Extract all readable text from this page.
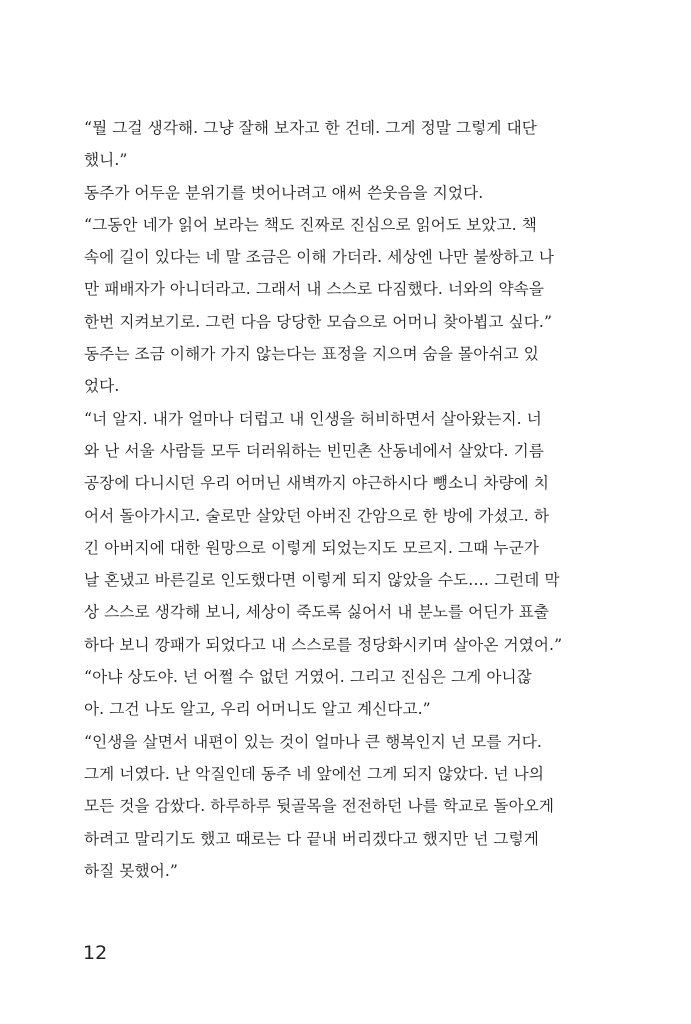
“뭘 그걸 생각해. 그냥 잘해 보자고 한 건데. 그게 정말 그렇게 대단
했니.”
동주가 어두운 분위기를 벗어나려고 애써 쓴웃음을 지었다.
“그동안 네가 읽어 보라는 책도 진짜로 진심으로 읽어도 보았고. 책
속에 길이 있다는 네 말 조금은 이해 가더라. 세상엔 나만 불쌍하고 나
만 패배자가 아니더라고. 그래서 내 스스로 다짐했다. 너와의 약속을
한번 지켜보기로. 그런 다음 당당한 모습으로 어머니 찾아뵙고 싶다.”
동주는 조금 이해가 가지 않는다는 표정을 지으며 숨을 몰아쉬고 있
었다.
“너 알지. 내가 얼마나 더럽고 내 인생을 허비하면서 살아왔는지. 너
와 난 서울 사람들 모두 더러워하는 빈민촌 산동네에서 살았다. 기름
공장에 다니시던 우리 어머닌 새벽까지 야근하시다 뺑소니 차량에 치
어서 돌아가시고. 술로만 살았던 아버진 간암으로 한 방에 가셨고. 하
긴 아버지에 대한 원망으로 이렇게 되었는지도 모르지. 그때 누군가
날 혼냈고 바른길로 인도했다면 이렇게 되지 않았을 수도…. 그런데 막
상 스스로 생각해 보니, 세상이 죽도록 싫어서 내 분노를 어딘가 표출
하다 보니 깡패가 되었다고 내 스스로를 정당화시키며 살아온 거였어.”
“아냐 상도야. 넌 어쩔 수 없던 거였어. 그리고 진심은 그게 아니잖
아. 그건 나도 알고, 우리 어머니도 알고 계신다고.”
“인생을 살면서 내편이 있는 것이 얼마나 큰 행복인지 넌 모를 거다.
그게 너였다. 난 악질인데 동주 네 앞에선 그게 되지 않았다. 넌 나의
모든 것을 감쌌다. 하루하루 뒷골목을 전전하던 나를 학교로 돌아오게
하려고 말리기도 했고 때로는 다 끝내 버리겠다고 했지만 넌 그렇게
하질 못했어.”
12
